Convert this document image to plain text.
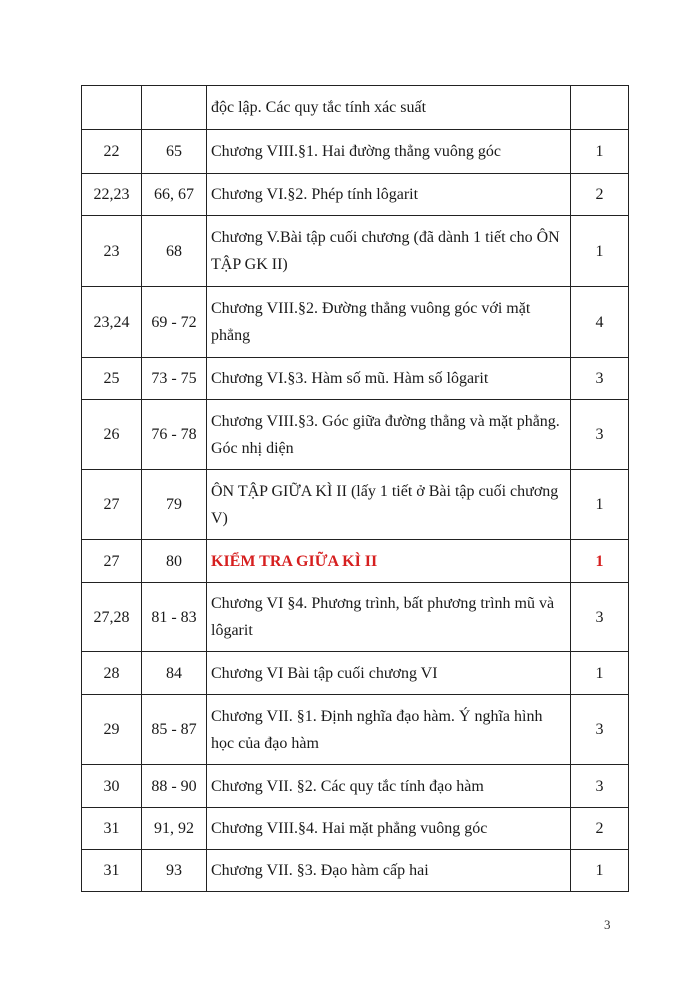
		độc lập. Các quy tắc tính xác suất	
22	65	Chương VIII.§1. Hai đường thẳng vuông góc	1
22,23	66, 67	Chương VI.§2. Phép tính lôgarit	2
23	68	Chương V.Bài tập cuối chương (đã dành 1 tiết cho ÔN TẬP GK II)	1
23,24	69 - 72	Chương VIII.§2. Đường thẳng vuông góc với mặt phẳng	4
25	73 - 75	Chương VI.§3. Hàm số mũ. Hàm số lôgarit	3
26	76 - 78	Chương VIII.§3. Góc giữa đường thẳng và mặt phẳng. Góc nhị diện	3
27	79	ÔN TẬP GIỮA KÌ II (lấy 1 tiết ở Bài tập cuối chương V)	1
27	80	KIỂM TRA GIỮA KÌ II	1
27,28	81 - 83	Chương VI §4. Phương trình, bất phương trình mũ và lôgarit	3
28	84	Chương VI Bài tập cuối chương VI	1
29	85 - 87	Chương VII. §1. Định nghĩa đạo hàm. Ý nghĩa hình học của đạo hàm	3
30	88 - 90	Chương VII. §2. Các quy tắc tính đạo hàm	3
31	91, 92	Chương VIII.§4. Hai mặt phẳng vuông góc	2
31	93	Chương VII. §3. Đạo hàm cấp hai	1
3
